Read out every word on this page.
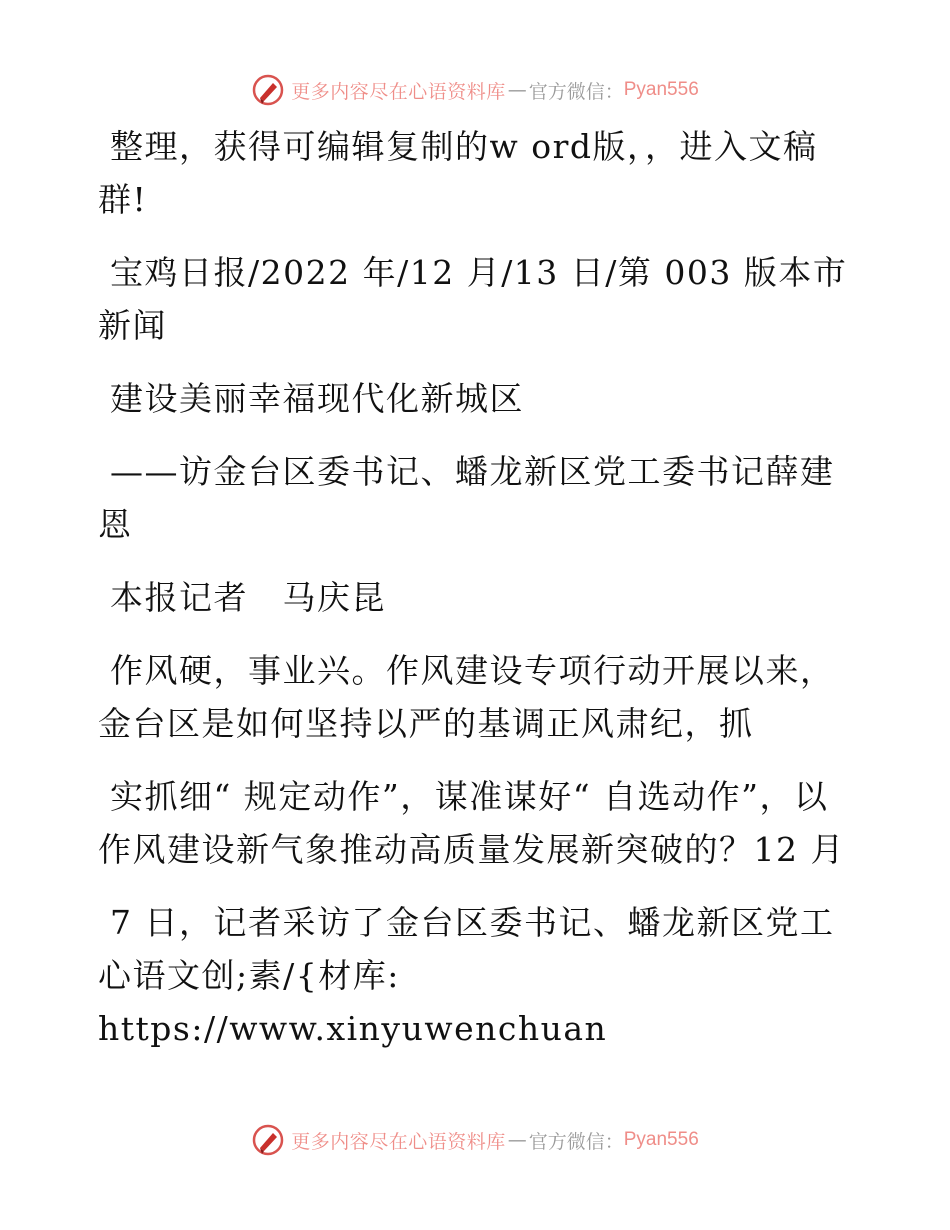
更多内容尽在心语资料库 — 官方微信： Pyan556

整理，获得可编辑复制的w ord版，，进入文稿群!

宝鸡日报/2022 年/12 月/13 日/第 003 版本市新闻

建设美丽幸福现代化新城区

——访金台区委书记、蟠龙新区党工委书记薛建恩

本报记者　马庆昆

作风硬，事业兴。作风建设专项行动开展以来，金台区是如何坚持以严的基调正风肃纪，抓

实抓细“ 规定动作”，谋准谋好“ 自选动作”，以作风建设新气象推动高质量发展新突破的？12 月

7 日，记者采访了金台区委书记、蟠龙新区党工心语文创;素/{材库: https://www.xinyuwenchuan

更多内容尽在心语资料库 — 官方微信： Pyan556
